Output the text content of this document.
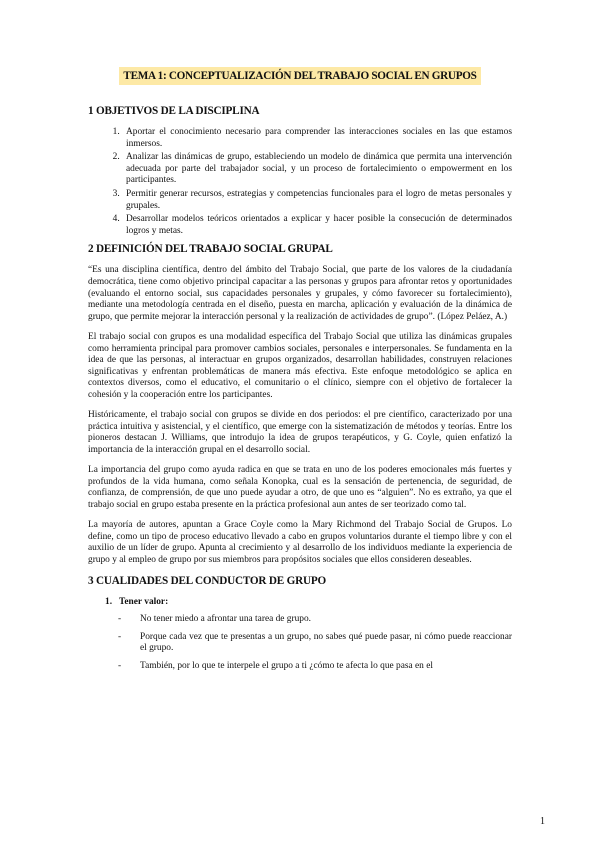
TEMA 1: CONCEPTUALIZACIÓN DEL TRABAJO SOCIAL EN GRUPOS
1 OBJETIVOS DE LA DISCIPLINA
1. Aportar el conocimiento necesario para comprender las interacciones sociales en las que estamos inmersos.
2. Analizar las dinámicas de grupo, estableciendo un modelo de dinámica que permita una intervención adecuada por parte del trabajador social, y un proceso de fortalecimiento o empowerment en los participantes.
3. Permitir generar recursos, estrategias y competencias funcionales para el logro de metas personales y grupales.
4. Desarrollar modelos teóricos orientados a explicar y hacer posible la consecución de determinados logros y metas.
2 DEFINICIÓN DEL TRABAJO SOCIAL GRUPAL

“Es una disciplina científica, dentro del ámbito del Trabajo Social, que parte de los valores de la ciudadanía democrática, tiene como objetivo principal capacitar a las personas y grupos para afrontar retos y oportunidades (evaluando el entorno social, sus capacidades personales y grupales, y cómo favorecer su fortalecimiento), mediante una metodología centrada en el diseño, puesta en marcha, aplicación y evaluación de la dinámica de grupo, que permite mejorar la interacción personal y la realización de actividades de grupo”. (López Peláez, A.)

El trabajo social con grupos es una modalidad específica del Trabajo Social que utiliza las dinámicas grupales como herramienta principal para promover cambios sociales, personales e interpersonales. Se fundamenta en la idea de que las personas, al interactuar en grupos organizados, desarrollan habilidades, construyen relaciones significativas y enfrentan problemáticas de manera más efectiva. Este enfoque metodológico se aplica en contextos diversos, como el educativo, el comunitario o el clínico, siempre con el objetivo de fortalecer la cohesión y la cooperación entre los participantes.

Históricamente, el trabajo social con grupos se divide en dos periodos: el pre científico, caracterizado por una práctica intuitiva y asistencial, y el científico, que emerge con la sistematización de métodos y teorías. Entre los pioneros destacan J. Williams, que introdujo la idea de grupos terapéuticos, y G. Coyle, quien enfatizó la importancia de la interacción grupal en el desarrollo social.

La importancia del grupo como ayuda radica en que se trata en uno de los poderes emocionales más fuertes y profundos de la vida humana, como señala Konopka, cual es la sensación de pertenencia, de seguridad, de confianza, de comprensión, de que uno puede ayudar a otro, de que uno es “alguien”. No es extraño, ya que el trabajo social en grupo estaba presente en la práctica profesional aun antes de ser teorizado como tal.

La mayoría de autores, apuntan a Grace Coyle como la Mary Richmond del Trabajo Social de Grupos. Lo define, como un tipo de proceso educativo llevado a cabo en grupos voluntarios durante el tiempo libre y con el auxilio de un líder de grupo. Apunta al crecimiento y al desarrollo de los individuos mediante la experiencia de grupo y al empleo de grupo por sus miembros para propósitos sociales que ellos consideren deseables.

3 CUALIDADES DEL CONDUCTOR DE GRUPO
1. Tener valor:
- No tener miedo a afrontar una tarea de grupo.
- Porque cada vez que te presentas a un grupo, no sabes qué puede pasar, ni cómo puede reaccionar el grupo.
- También, por lo que te interpele el grupo a ti ¿cómo te afecta lo que pasa en el
1
